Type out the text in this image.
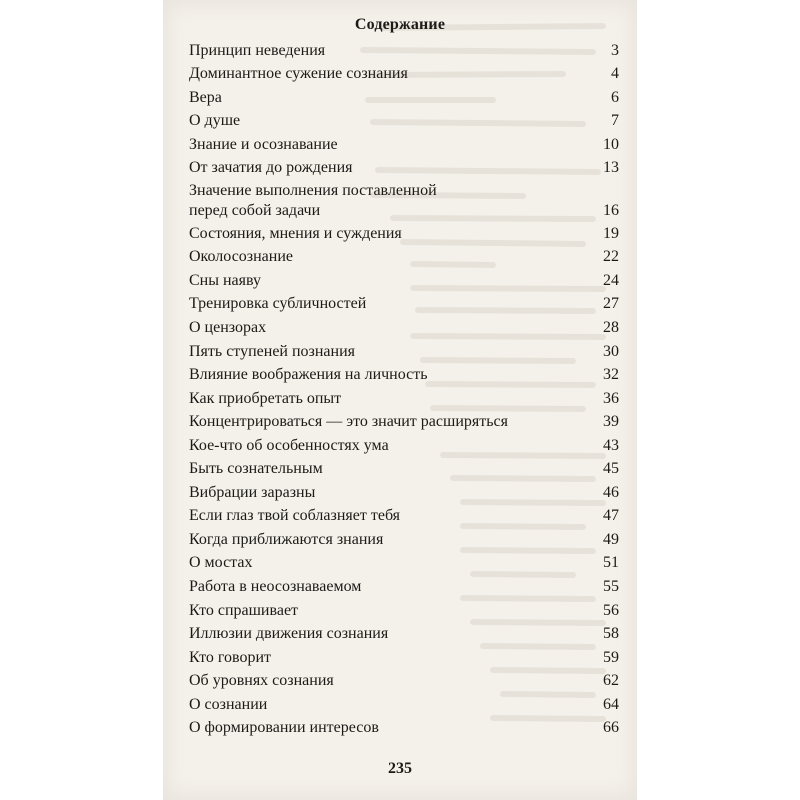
Содержание
Принцип неведения	3
Доминантное сужение сознания	4
Вера	6
О душе	7
Знание и осознавание	10
От зачатия до рождения	13
Значение выполнения поставленной
перед собой задачи	16
Состояния, мнения и суждения	19
Околосознание	22
Сны наяву	24
Тренировка субличностей	27
О цензорах	28
Пять ступеней познания	30
Влияние воображения на личность	32
Как приобретать опыт	36
Концентрироваться — это значит расширяться	39
Кое-что об особенностях ума	43
Быть сознательным	45
Вибрации заразны	46
Если глаз твой соблазняет тебя	47
Когда приближаются знания	49
О мостах	51
Работа в неосознаваемом	55
Кто спрашивает	56
Иллюзии движения сознания	58
Кто говорит	59
Об уровнях сознания	62
О сознании	64
О формировании интересов	66
235
